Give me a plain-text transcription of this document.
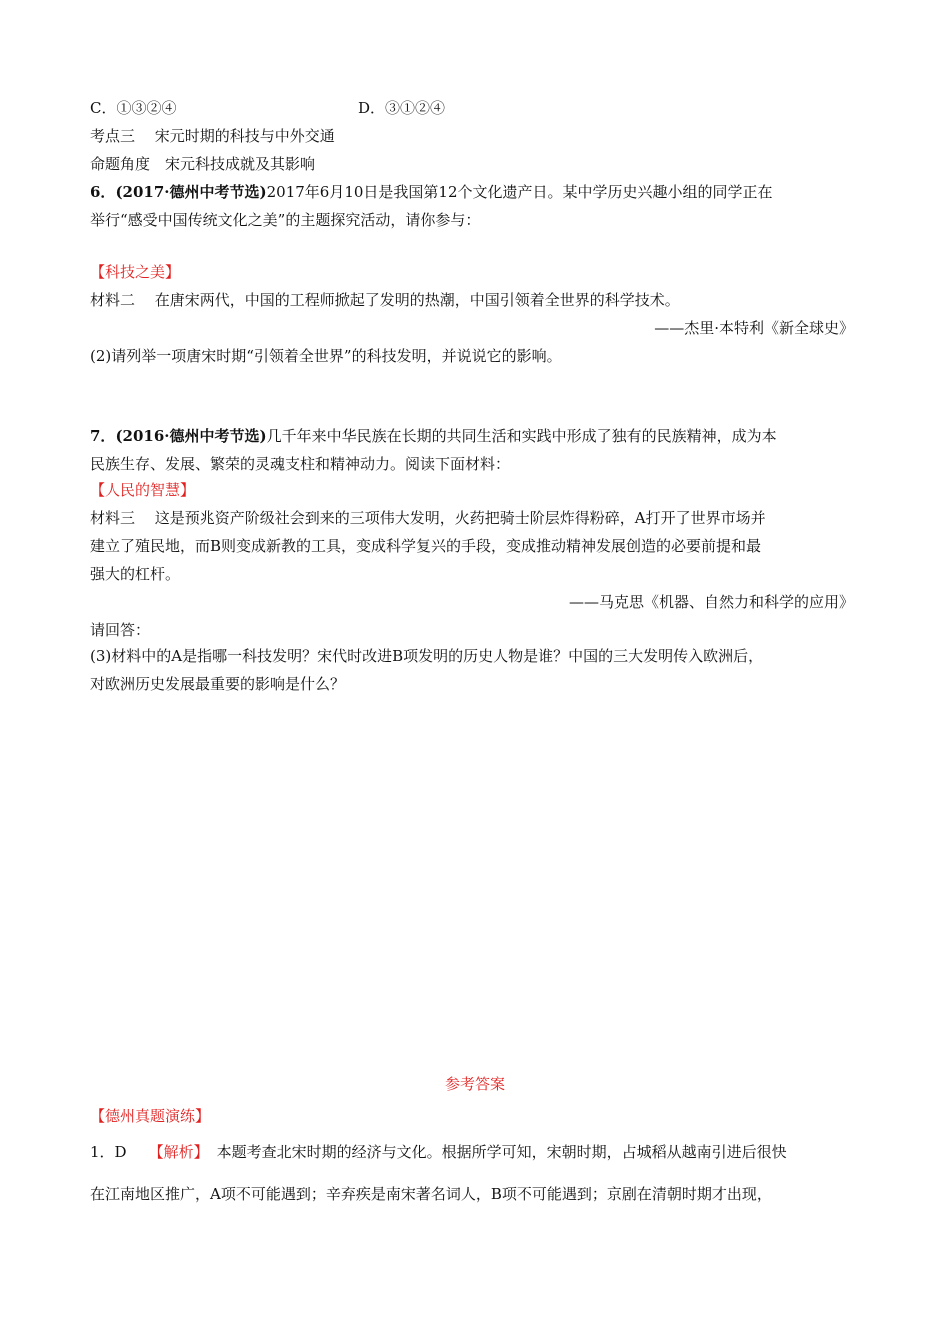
C．①③②④	D．③①②④
考点三　 宋元时期的科技与中外交通
命题角度　宋元科技成就及其影响
6．(2017·德州中考节选)2017年6月10日是我国第12个文化遗产日。某中学历史兴趣小组的同学正在
举行“感受中国传统文化之美”的主题探究活动，请你参与：
【科技之美】
材料二　 在唐宋两代，中国的工程师掀起了发明的热潮，中国引领着全世界的科学技术。
——杰里·本特利《新全球史》
(2)请列举一项唐宋时期“引领着全世界”的科技发明，并说说它的影响。
7．(2016·德州中考节选)几千年来中华民族在长期的共同生活和实践中形成了独有的民族精神，成为本
民族生存、发展、繁荣的灵魂支柱和精神动力。阅读下面材料：
【人民的智慧】
材料三　 这是预兆资产阶级社会到来的三项伟大发明，火药把骑士阶层炸得粉碎，A打开了世界市场并
建立了殖民地，而B则变成新教的工具，变成科学复兴的手段，变成推动精神发展创造的必要前提和最
强大的杠杆。
——马克思《机器、自然力和科学的应用》
请回答：
(3)材料中的A是指哪一科技发明？宋代时改进B项发明的历史人物是谁？中国的三大发明传入欧洲后，
对欧洲历史发展最重要的影响是什么？
参考答案
【德州真题演练】
1．D 【解析】 本题考查北宋时期的经济与文化。根据所学可知，宋朝时期，占城稻从越南引进后很快
在江南地区推广，A项不可能遇到；辛弃疾是南宋著名词人，B项不可能遇到；京剧在清朝时期才出现，
